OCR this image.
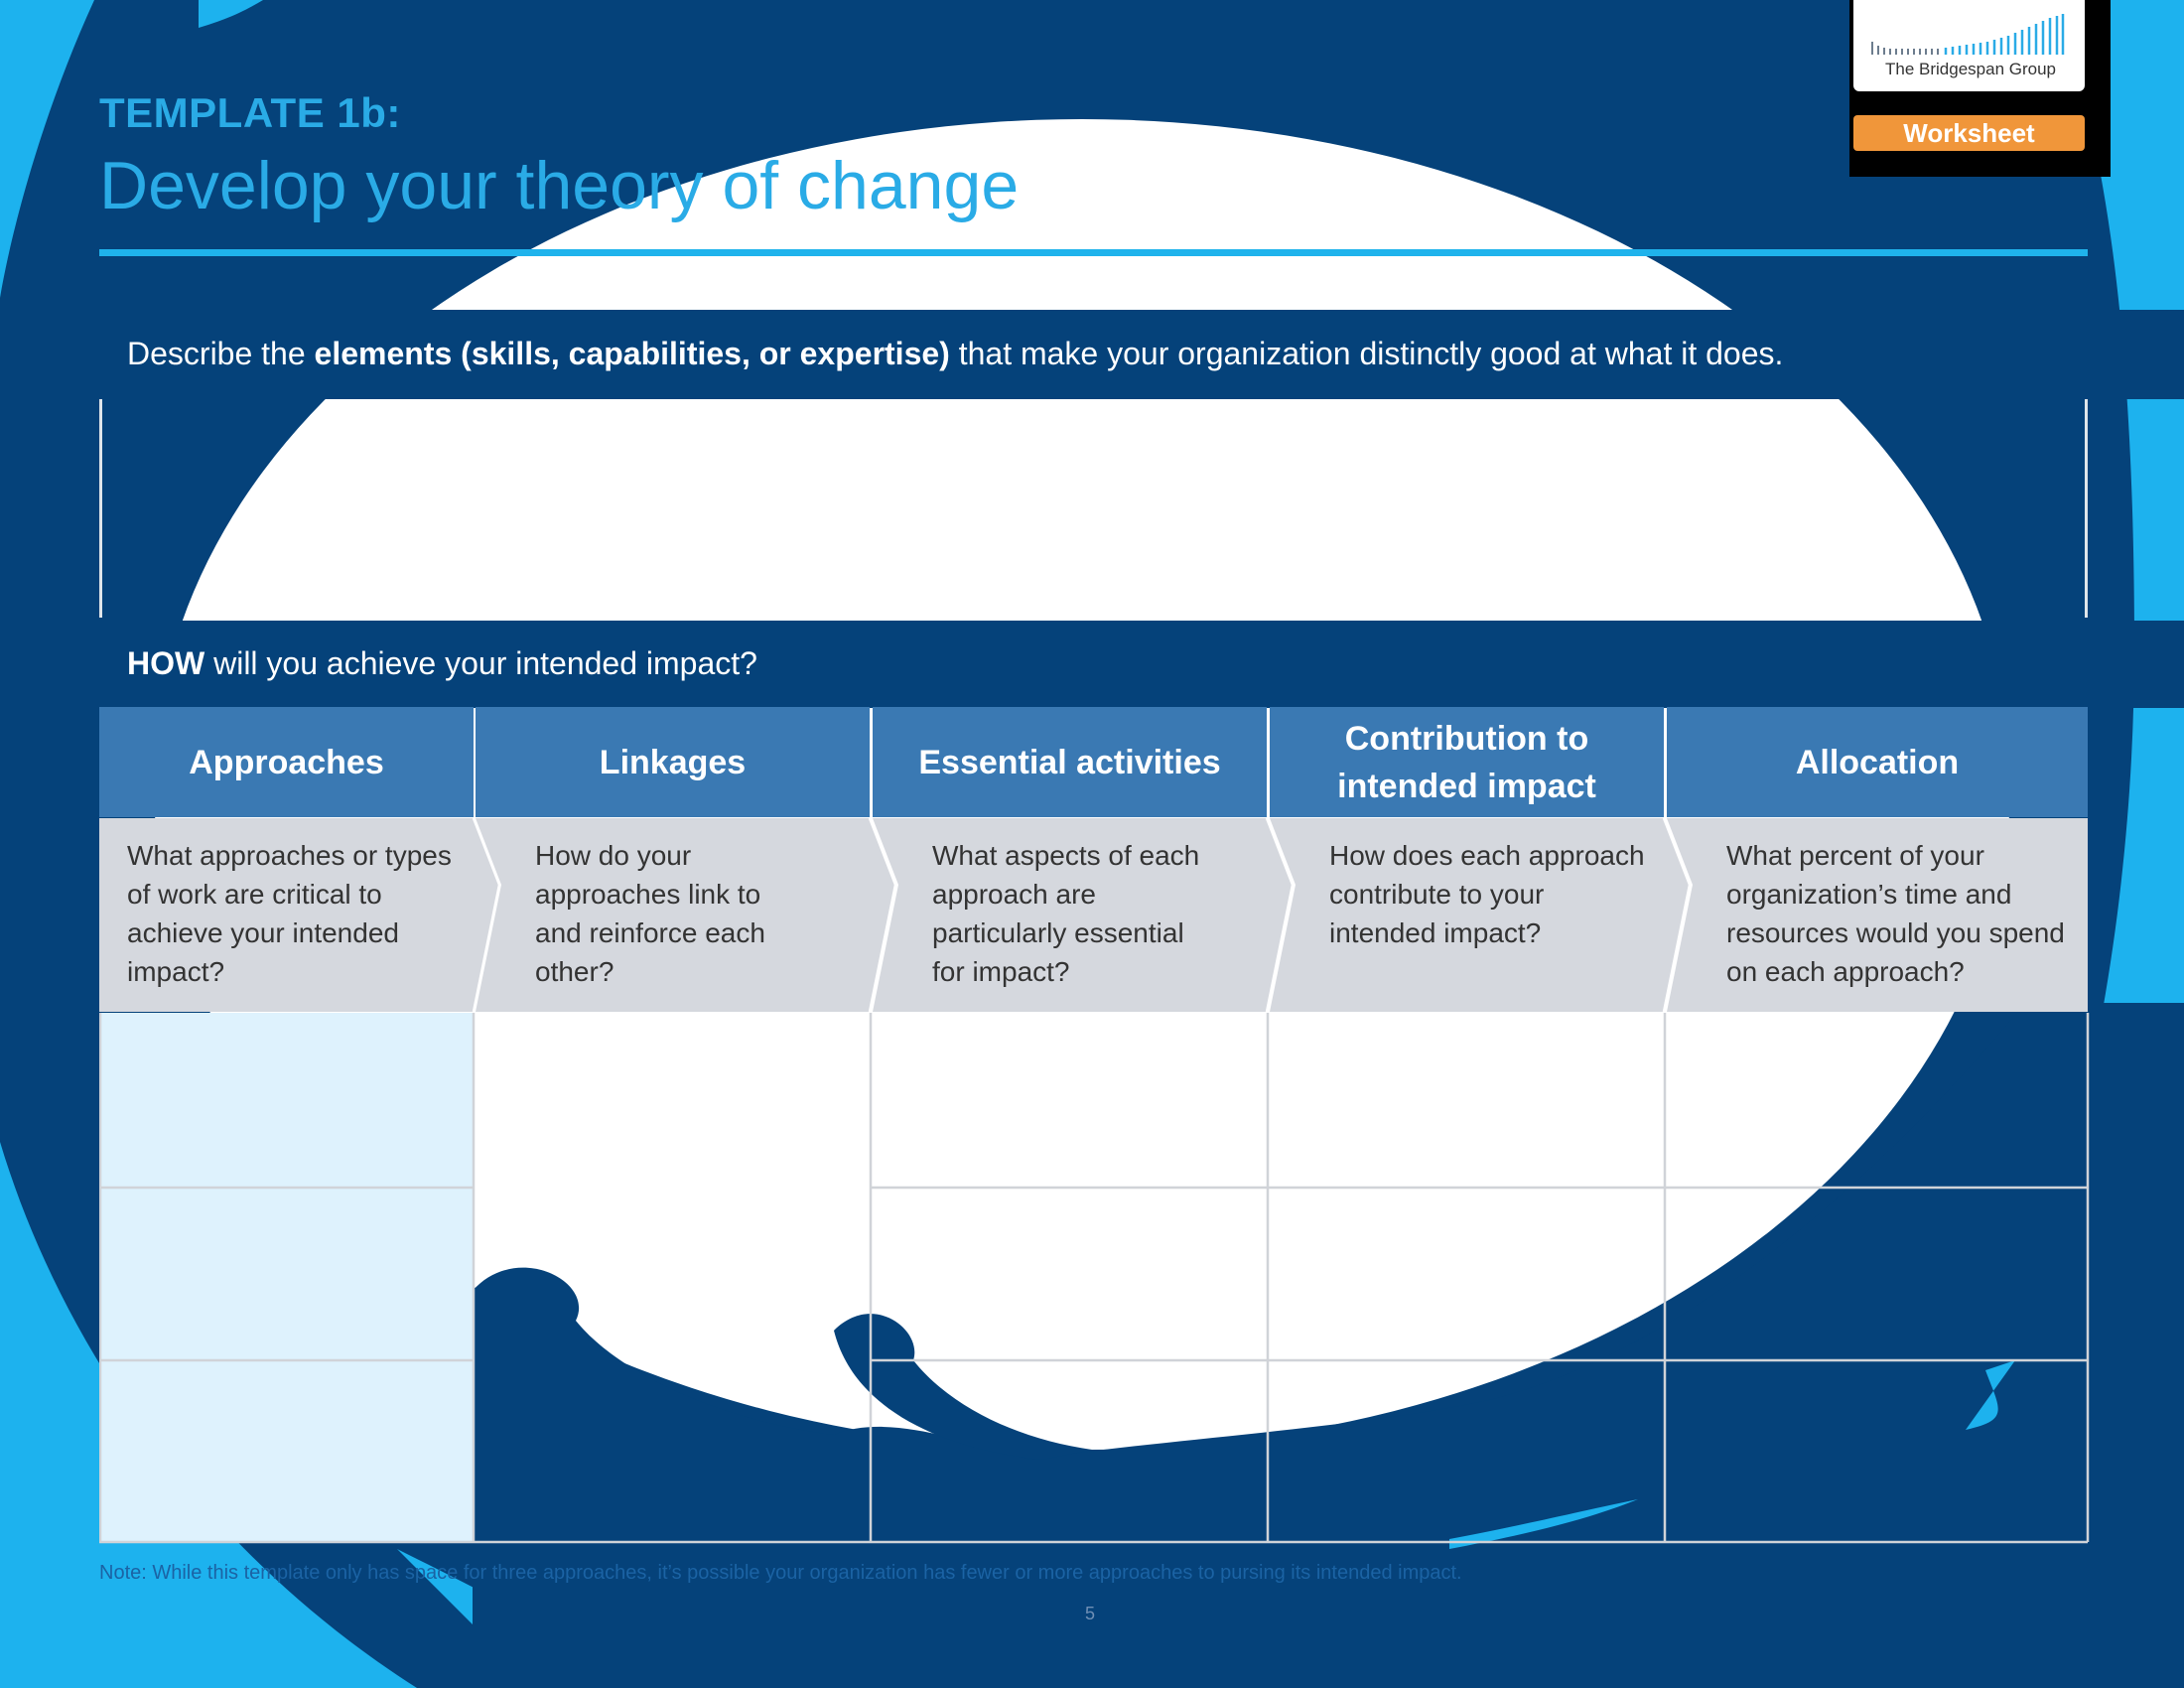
TEMPLATE 1b:
Develop your theory of change
The Bridgespan Group
Worksheet
Describe the elements (skills, capabilities, or expertise) that make your organization distinctly good at what it does.
HOW will you achieve your intended impact?
Approaches	Linkages	Essential activities
Contribution to intended impact
Allocation
What approaches or types of work are critical to achieve your intended impact?
How do your approaches link to and reinforce each other?
What aspects of each approach are particularly essential for impact?
How does each approach contribute to your intended impact?
What percent of your organization’s time and resources would you spend on each approach?
Note: While this template only has space for three approaches, it’s possible your organization has fewer or more approaches to pursing its intended impact.
5
